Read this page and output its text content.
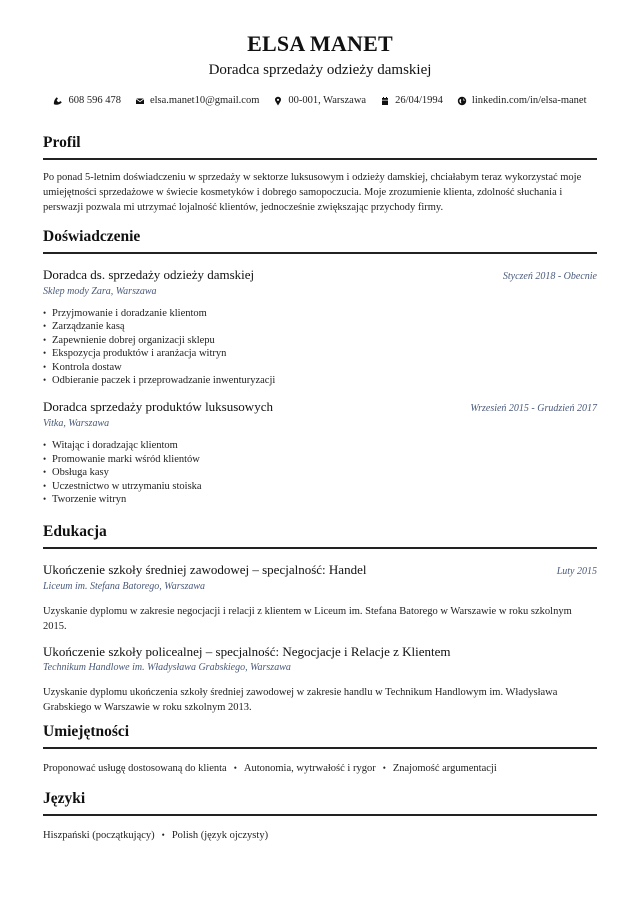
ELSA MANET
Doradca sprzedaży odzieży damskiej
608 596 478	elsa.manet10@gmail.com	00-001, Warszawa	26/04/1994	linkedin.com/in/elsa-manet
Profil
Po ponad 5-letnim doświadczeniu w sprzedaży w sektorze luksusowym i odzieży damskiej, chciałabym teraz wykorzystać moje umiejętności sprzedażowe w świecie kosmetyków i dobrego samopoczucia. Moje zrozumienie klienta, zdolność słuchania i perswazji pozwala mi utrzymać lojalność klientów, jednocześnie zwiększając przychody firmy.
Doświadczenie
Doradca ds. sprzedaży odzieży damskiej	Styczeń 2018 - Obecnie
Sklep mody Zara, Warszawa
• Przyjmowanie i doradzanie klientom
• Zarządzanie kasą
• Zapewnienie dobrej organizacji sklepu
• Ekspozycja produktów i aranżacja witryn
• Kontrola dostaw
• Odbieranie paczek i przeprowadzanie inwenturyzacji
Doradca sprzedaży produktów luksusowych	Wrzesień 2015 - Grudzień 2017
Vitka, Warszawa
• Witając i doradzając klientom
• Promowanie marki wśród klientów
• Obsługa kasy
• Uczestnictwo w utrzymaniu stoiska
• Tworzenie witryn
Edukacja
Ukończenie szkoły średniej zawodowej – specjalność: Handel	Luty 2015
Liceum im. Stefana Batorego, Warszawa
Uzyskanie dyplomu w zakresie negocjacji i relacji z klientem w Liceum im. Stefana Batorego w Warszawie w roku szkolnym 2015.
Ukończenie szkoły policealnej – specjalność: Negocjacje i Relacje z Klientem
Technikum Handlowe im. Władysława Grabskiego, Warszawa
Uzyskanie dyplomu ukończenia szkoły średniej zawodowej w zakresie handlu w Technikum Handlowym im. Władysława Grabskiego w Warszawie w roku szkolnym 2013.
Umiejętności
Proponować usługę dostosowaną do klienta • Autonomia, wytrwałość i rygor • Znajomość argumentacji
Języki
Hiszpański (początkujący) • Polish (język ojczysty)
